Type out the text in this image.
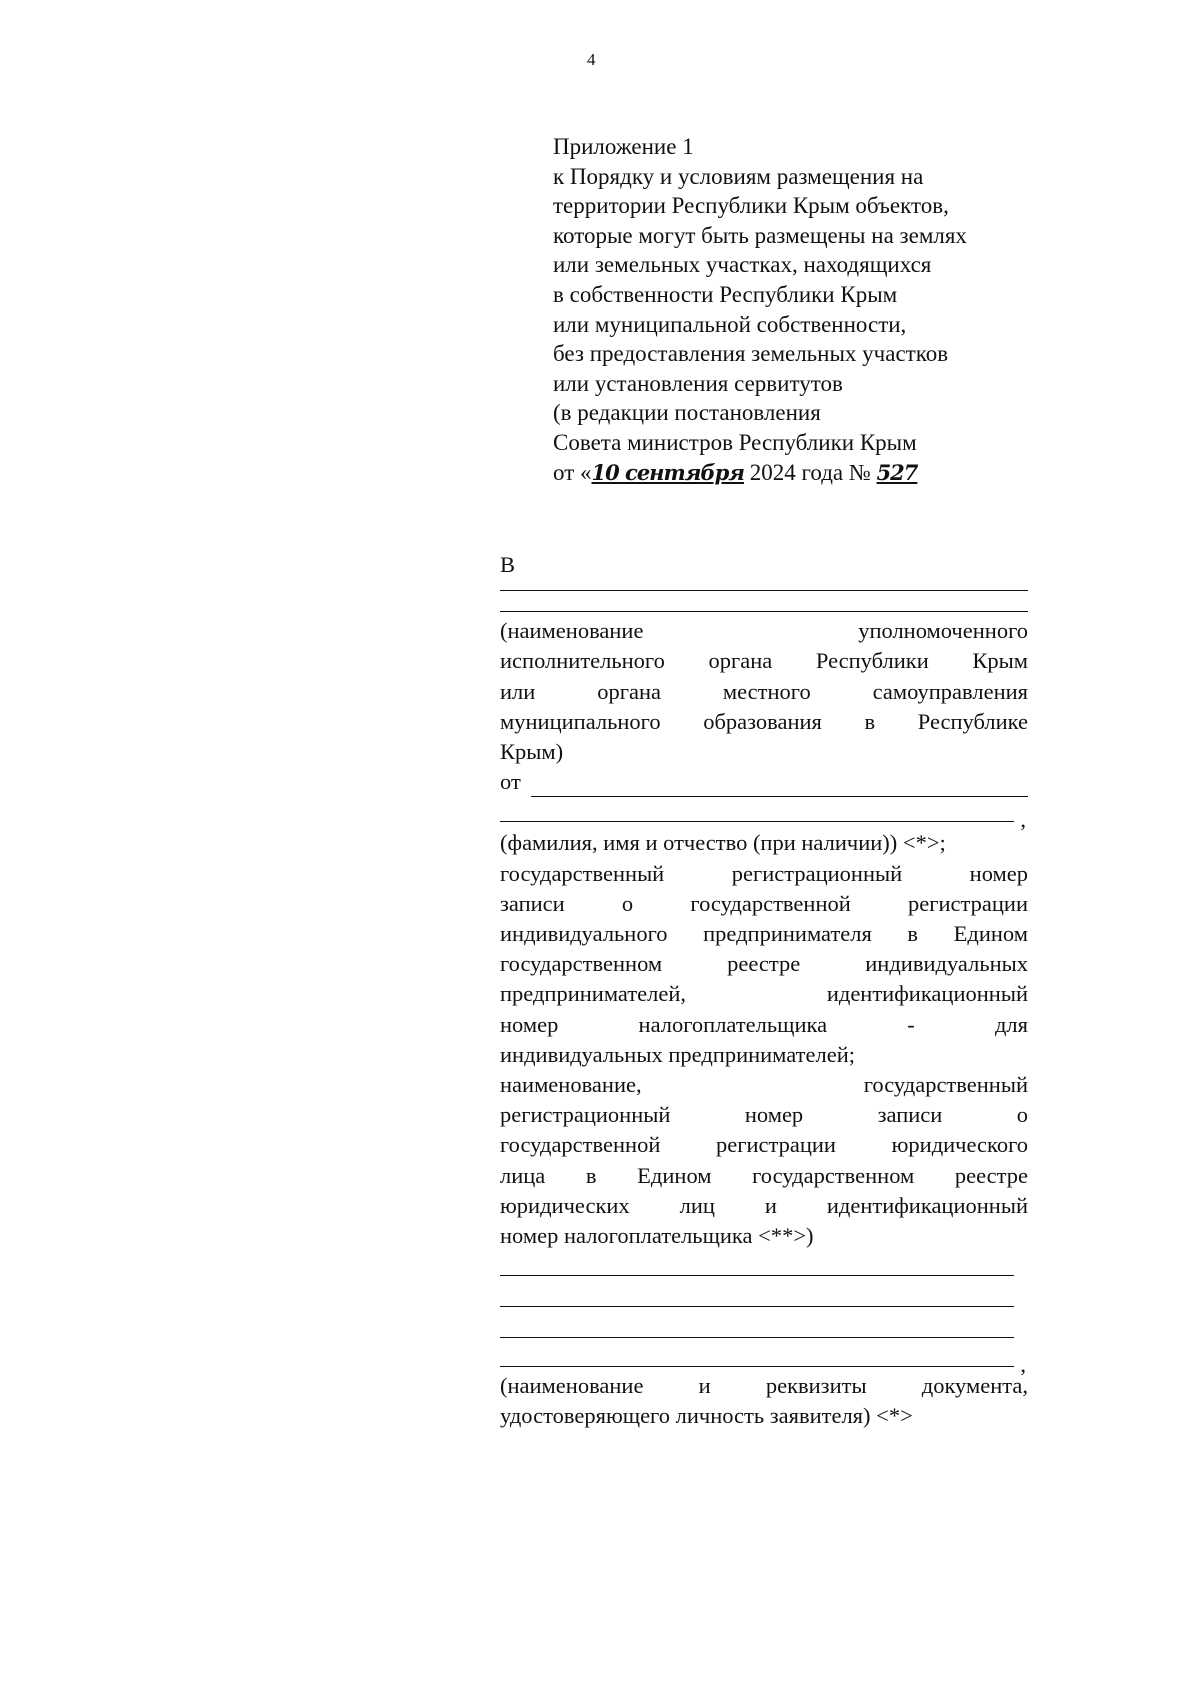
4
Приложение 1
к Порядку и условиям размещения на
территории Республики Крым объектов,
которые могут быть размещены на землях
или земельных участках, находящихся
в собственности Республики Крым
или муниципальной собственности,
без предоставления земельных участков
или установления сервитутов
(в редакции постановления
Совета министров Республики Крым
от «10 сентября 2024 года № 527
В
(наименование уполномоченного
исполнительного органа Республики Крым
или органа местного самоуправления
муниципального образования в Республике
Крым)
от
,
(фамилия, имя и отчество (при наличии)) <*>;
государственный регистрационный номер
записи о государственной регистрации
индивидуального предпринимателя в Едином
государственном реестре индивидуальных
предпринимателей, идентификационный
номер налогоплательщика - для
индивидуальных предпринимателей;
наименование, государственный
регистрационный номер записи о
государственной регистрации юридического
лица в Едином государственном реестре
юридических лиц и идентификационный
номер налогоплательщика <**>)
,
(наименование и реквизиты документа,
удостоверяющего личность заявителя) <*>
